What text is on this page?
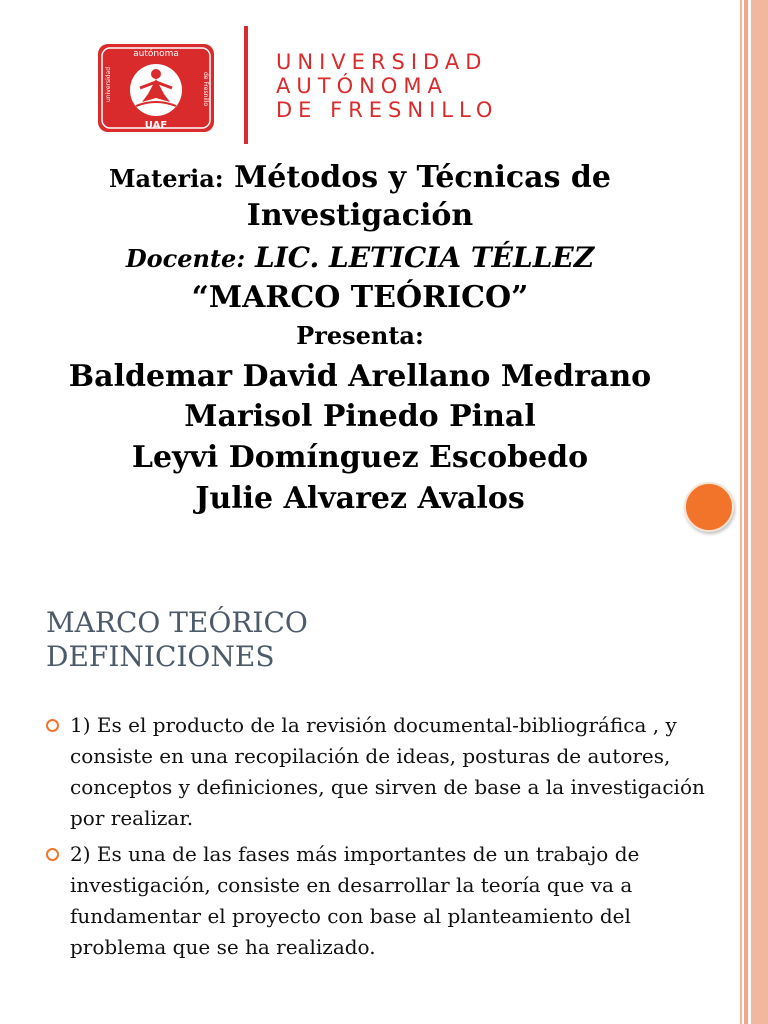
autónoma
universidad	de Fresnillo
UAF
UNIVERSIDAD
AUTÓNOMA
DE FRESNILLO
Materia: Métodos y Técnicas de
Investigación
Docente: LIC. LETICIA TÉLLEZ
“MARCO TEÓRICO”
Presenta:
Baldemar David Arellano Medrano
Marisol Pinedo Pinal
Leyvi Domínguez Escobedo
Julie Alvarez Avalos
MARCO TEÓRICO
DEFINICIONES
1) Es el producto de la revisión documental-bibliográfica , y consiste en una recopilación de ideas, posturas de autores, conceptos y definiciones, que sirven de base a la investigación por realizar.
2) Es una de las fases más importantes de un trabajo de investigación, consiste en desarrollar la teoría que va a fundamentar el proyecto con base al planteamiento del problema que se ha realizado.
